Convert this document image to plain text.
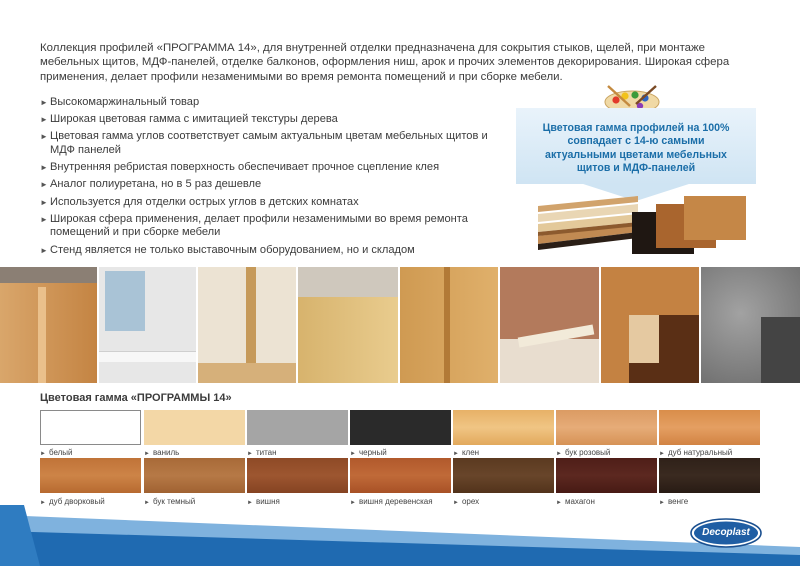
Коллекция профилей «ПРОГРАММА 14», для внутренней отделки предназначена для сокрытия стыков, щелей, при монтаже мебельных щитов, МДФ-панелей, отделке балконов, оформления ниш, арок и прочих элементов декорирования. Широкая сфера применения, делает профили незаменимыми во время ремонта помещений и при сборке мебели.

► Высокомаржинальный товар
► Широкая цветовая гамма с имитацией текстуры дерева
► Цветовая гамма углов соответствует самым актуальным цветам мебельных щитов и МДФ панелей
► Внутренняя ребристая поверхность обеспечивает прочное сцепление клея
► Аналог полиуретана, но в 5 раз дешевле
► Используется для отделки острых углов в детских комнатах
► Широкая сфера применения, делает профили незаменимыми во время ремонта помещений и при сборке мебели
► Стенд является не только выставочным оборудованием, но и складом
Цветовая гамма профилей на 100% совпадает с 14-ю самыми актуальными цветами мебельных щитов и МДФ-панелей
Цветовая гамма «ПРОГРАММЫ 14»
► белый	► ваниль	► титан	► черный	► клен	► бук розовый	► дуб натуральный
► дуб дворковый	► бук темный	► вишня	► вишня деревенская	► орех	► махагон	► венге
Decoplast
